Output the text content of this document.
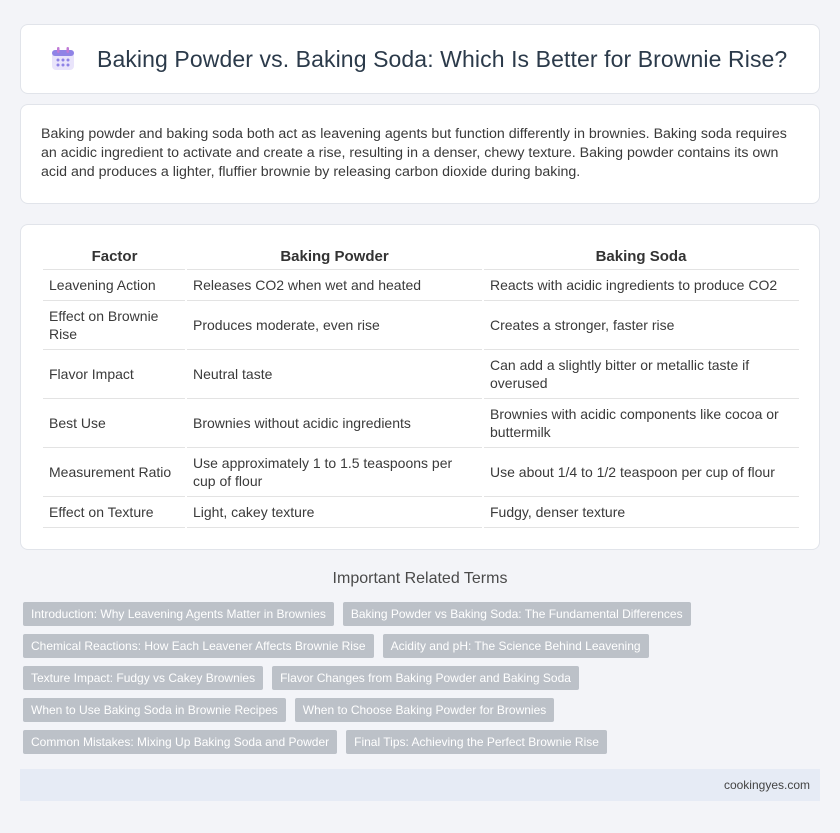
Baking Powder vs. Baking Soda: Which Is Better for Brownie Rise?

Baking powder and baking soda both act as leavening agents but function differently in brownies. Baking soda requires an acidic ingredient to activate and create a rise, resulting in a denser, chewy texture. Baking powder contains its own acid and produces a lighter, fluffier brownie by releasing carbon dioxide during baking.

Factor	Baking Powder	Baking Soda
Leavening Action	Releases CO2 when wet and heated	Reacts with acidic ingredients to produce CO2
Effect on Brownie Rise	Produces moderate, even rise	Creates a stronger, faster rise
Flavor Impact	Neutral taste	Can add a slightly bitter or metallic taste if overused
Best Use	Brownies without acidic ingredients	Brownies with acidic components like cocoa or buttermilk
Measurement Ratio	Use approximately 1 to 1.5 teaspoons per cup of flour	Use about 1/4 to 1/2 teaspoon per cup of flour
Effect on Texture	Light, cakey texture	Fudgy, denser texture
Important Related Terms
Introduction: Why Leavening Agents Matter in Brownies	Baking Powder vs Baking Soda: The Fundamental Differences
Chemical Reactions: How Each Leavener Affects Brownie Rise	Acidity and pH: The Science Behind Leavening
Texture Impact: Fudgy vs Cakey Brownies	Flavor Changes from Baking Powder and Baking Soda
When to Use Baking Soda in Brownie Recipes	When to Choose Baking Powder for Brownies
Common Mistakes: Mixing Up Baking Soda and Powder	Final Tips: Achieving the Perfect Brownie Rise
cookingyes.com
